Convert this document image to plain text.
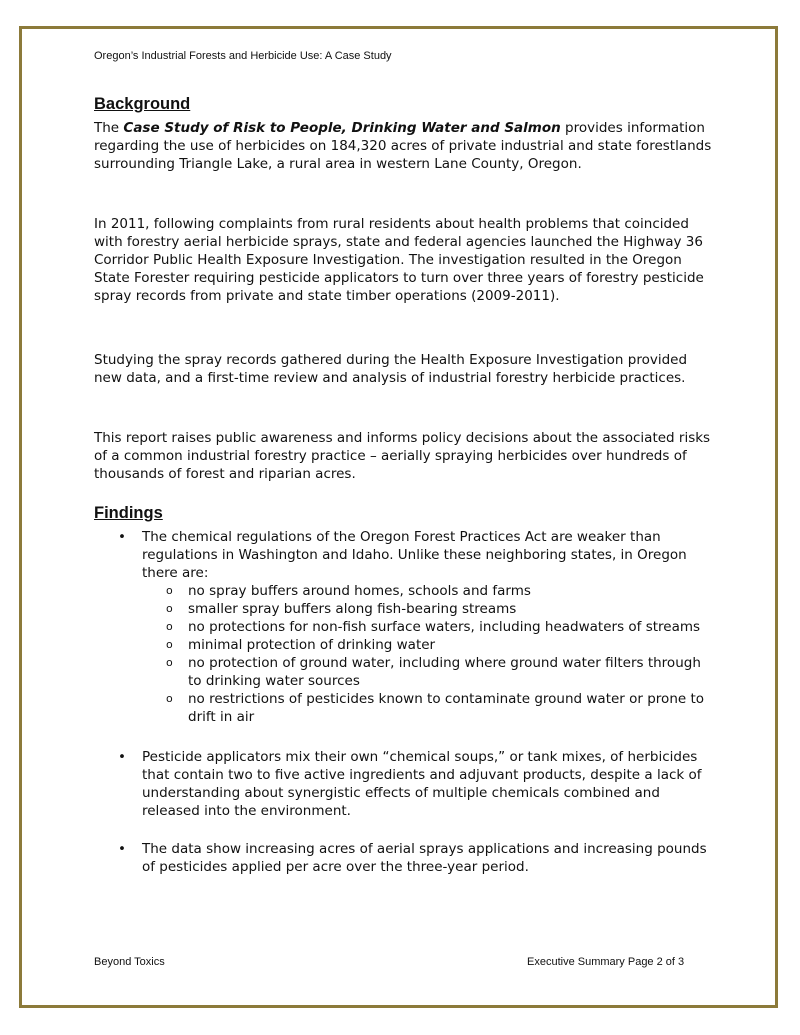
Oregon’s Industrial Forests and Herbicide Use: A Case Study
Background

The Case Study of Risk to People, Drinking Water and Salmon provides information regarding the use of herbicides on 184,320 acres of private industrial and state forestlands surrounding Triangle Lake, a rural area in western Lane County, Oregon.

In 2011, following complaints from rural residents about health problems that coincided with forestry aerial herbicide sprays, state and federal agencies launched the Highway 36 Corridor Public Health Exposure Investigation. The investigation resulted in the Oregon State Forester requiring pesticide applicators to turn over three years of forestry pesticide spray records from private and state timber operations (2009-2011).

Studying the spray records gathered during the Health Exposure Investigation provided new data, and a first-time review and analysis of industrial forestry herbicide practices.

This report raises public awareness and informs policy decisions about the associated risks of a common industrial forestry practice – aerially spraying herbicides over hundreds of thousands of forest and riparian acres.

Findings
• The chemical regulations of the Oregon Forest Practices Act are weaker than regulations in Washington and Idaho. Unlike these neighboring states, in Oregon there are:
o no spray buffers around homes, schools and farms
o smaller spray buffers along fish-bearing streams
o no protections for non-fish surface waters, including headwaters of streams
o minimal protection of drinking water
o no protection of ground water, including where ground water filters through to drinking water sources
o no restrictions of pesticides known to contaminate ground water or prone to drift in air
• Pesticide applicators mix their own “chemical soups,” or tank mixes, of herbicides that contain two to five active ingredients and adjuvant products, despite a lack of understanding about synergistic effects of multiple chemicals combined and released into the environment.
• The data show increasing acres of aerial sprays applications and increasing pounds of pesticides applied per acre over the three-year period.
Beyond Toxics	Executive Summary Page 2 of 3
